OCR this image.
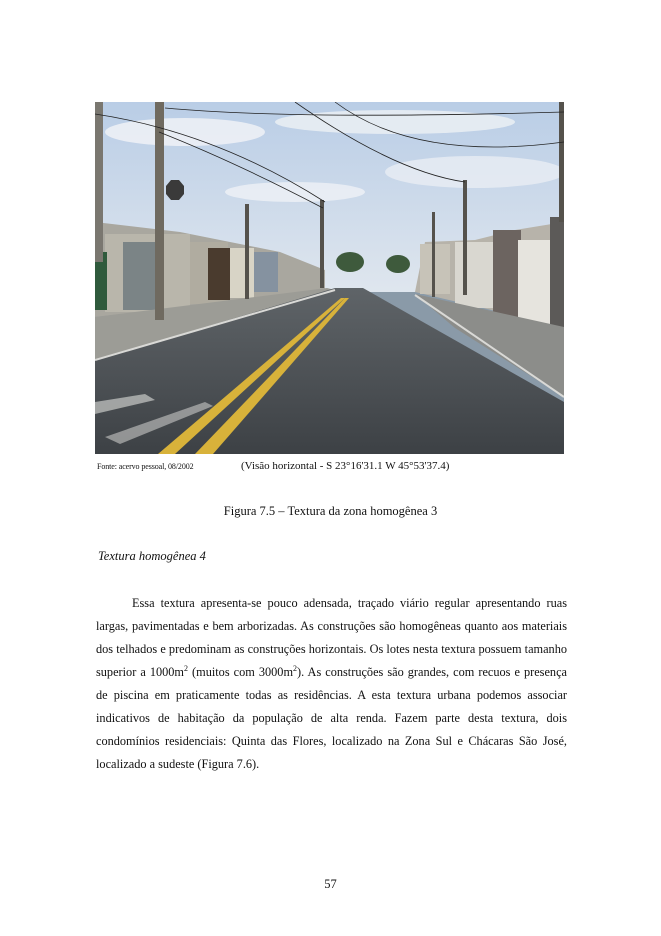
Fonte: acervo pessoal, 08/2002	(Visão horizontal - S 23°16'31.1 W 45°53'37.4)
Figura 7.5 – Textura da zona homogênea 3
Textura homogênea 4

Essa textura apresenta-se pouco adensada, traçado viário regular apresentando ruas largas, pavimentadas e bem arborizadas. As construções são homogêneas quanto aos materiais dos telhados e predominam as construções horizontais. Os lotes nesta textura possuem tamanho superior a $1000m^2$ (muitos com $3000m^2$). As construções são grandes, com recuos e presença de piscina em praticamente todas as residências. A esta textura urbana podemos associar indicativos de habitação da população de alta renda. Fazem parte desta textura, dois condomínios residenciais: Quinta das Flores, localizado na Zona Sul e Chácaras São José, localizado a sudeste (Figura 7.6).

57
